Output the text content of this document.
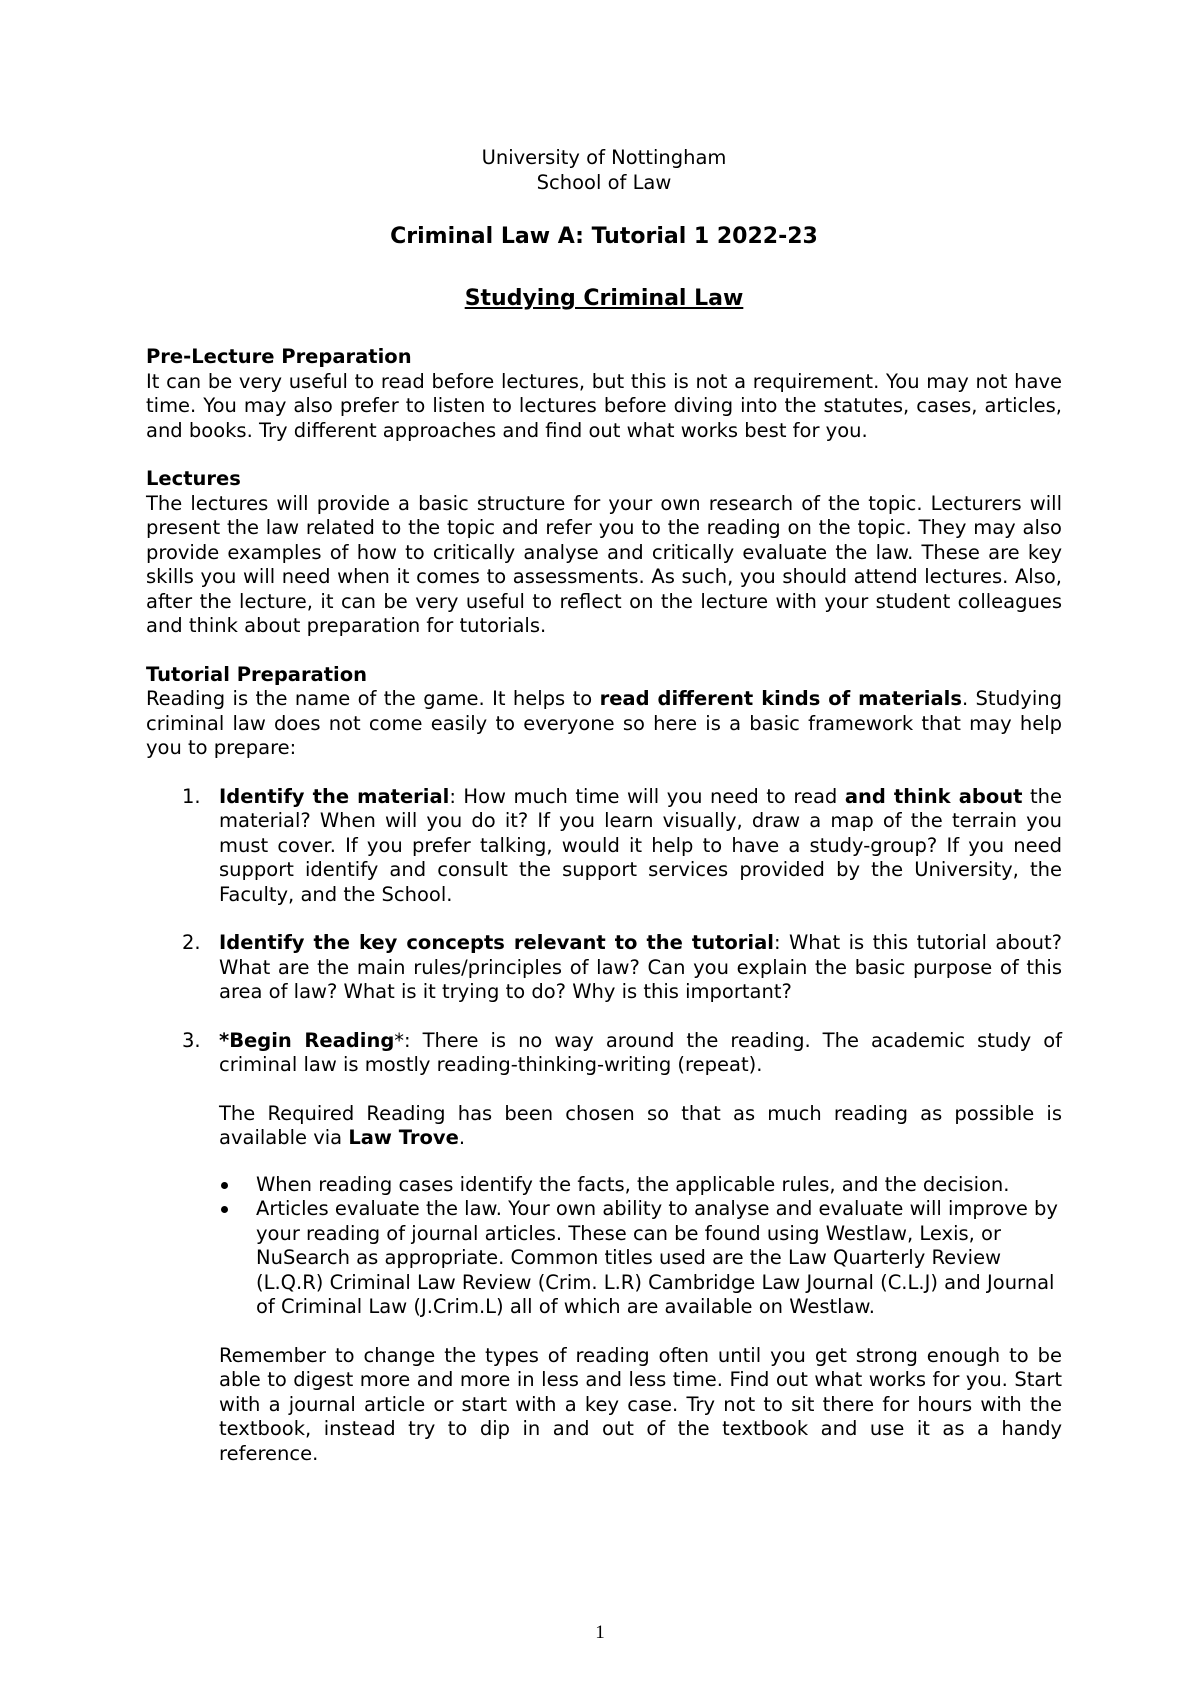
University of Nottingham
School of Law
Criminal Law A: Tutorial 1 2022-23
Studying Criminal Law
Pre-Lecture Preparation

It can be very useful to read before lectures, but this is not a requirement. You may not have time. You may also prefer to listen to lectures before diving into the statutes, cases, articles, and books. Try different approaches and find out what works best for you.

Lectures

The lectures will provide a basic structure for your own research of the topic. Lecturers will present the law related to the topic and refer you to the reading on the topic. They may also provide examples of how to critically analyse and critically evaluate the law. These are key skills you will need when it comes to assessments. As such, you should attend lectures. Also, after the lecture, it can be very useful to reflect on the lecture with your student colleagues and think about preparation for tutorials.

Tutorial Preparation

Reading is the name of the game. It helps to read different kinds of materials. Studying criminal law does not come easily to everyone so here is a basic framework that may help you to prepare:

1. Identify the material: How much time will you need to read and think about the material? When will you do it? If you learn visually, draw a map of the terrain you must cover. If you prefer talking, would it help to have a study-group? If you need support identify and consult the support services provided by the University, the Faculty, and the School.

2. Identify the key concepts relevant to the tutorial: What is this tutorial about? What are the main rules/principles of law? Can you explain the basic purpose of this area of law? What is it trying to do? Why is this important?

3. *Begin Reading*: There is no way around the reading. The academic study of criminal law is mostly reading-thinking-writing (repeat).

The Required Reading has been chosen so that as much reading as possible is available via Law Trove.

When reading cases identify the facts, the applicable rules, and the decision.
Articles evaluate the law. Your own ability to analyse and evaluate will improve by your reading of journal articles. These can be found using Westlaw, Lexis, or NuSearch as appropriate. Common titles used are the Law Quarterly Review (L.Q.R) Criminal Law Review (Crim. L.R) Cambridge Law Journal (C.L.J) and Journal of Criminal Law (J.Crim.L) all of which are available on Westlaw.

Remember to change the types of reading often until you get strong enough to be able to digest more and more in less and less time. Find out what works for you. Start with a journal article or start with a key case. Try not to sit there for hours with the textbook, instead try to dip in and out of the textbook and use it as a handy reference.

1
